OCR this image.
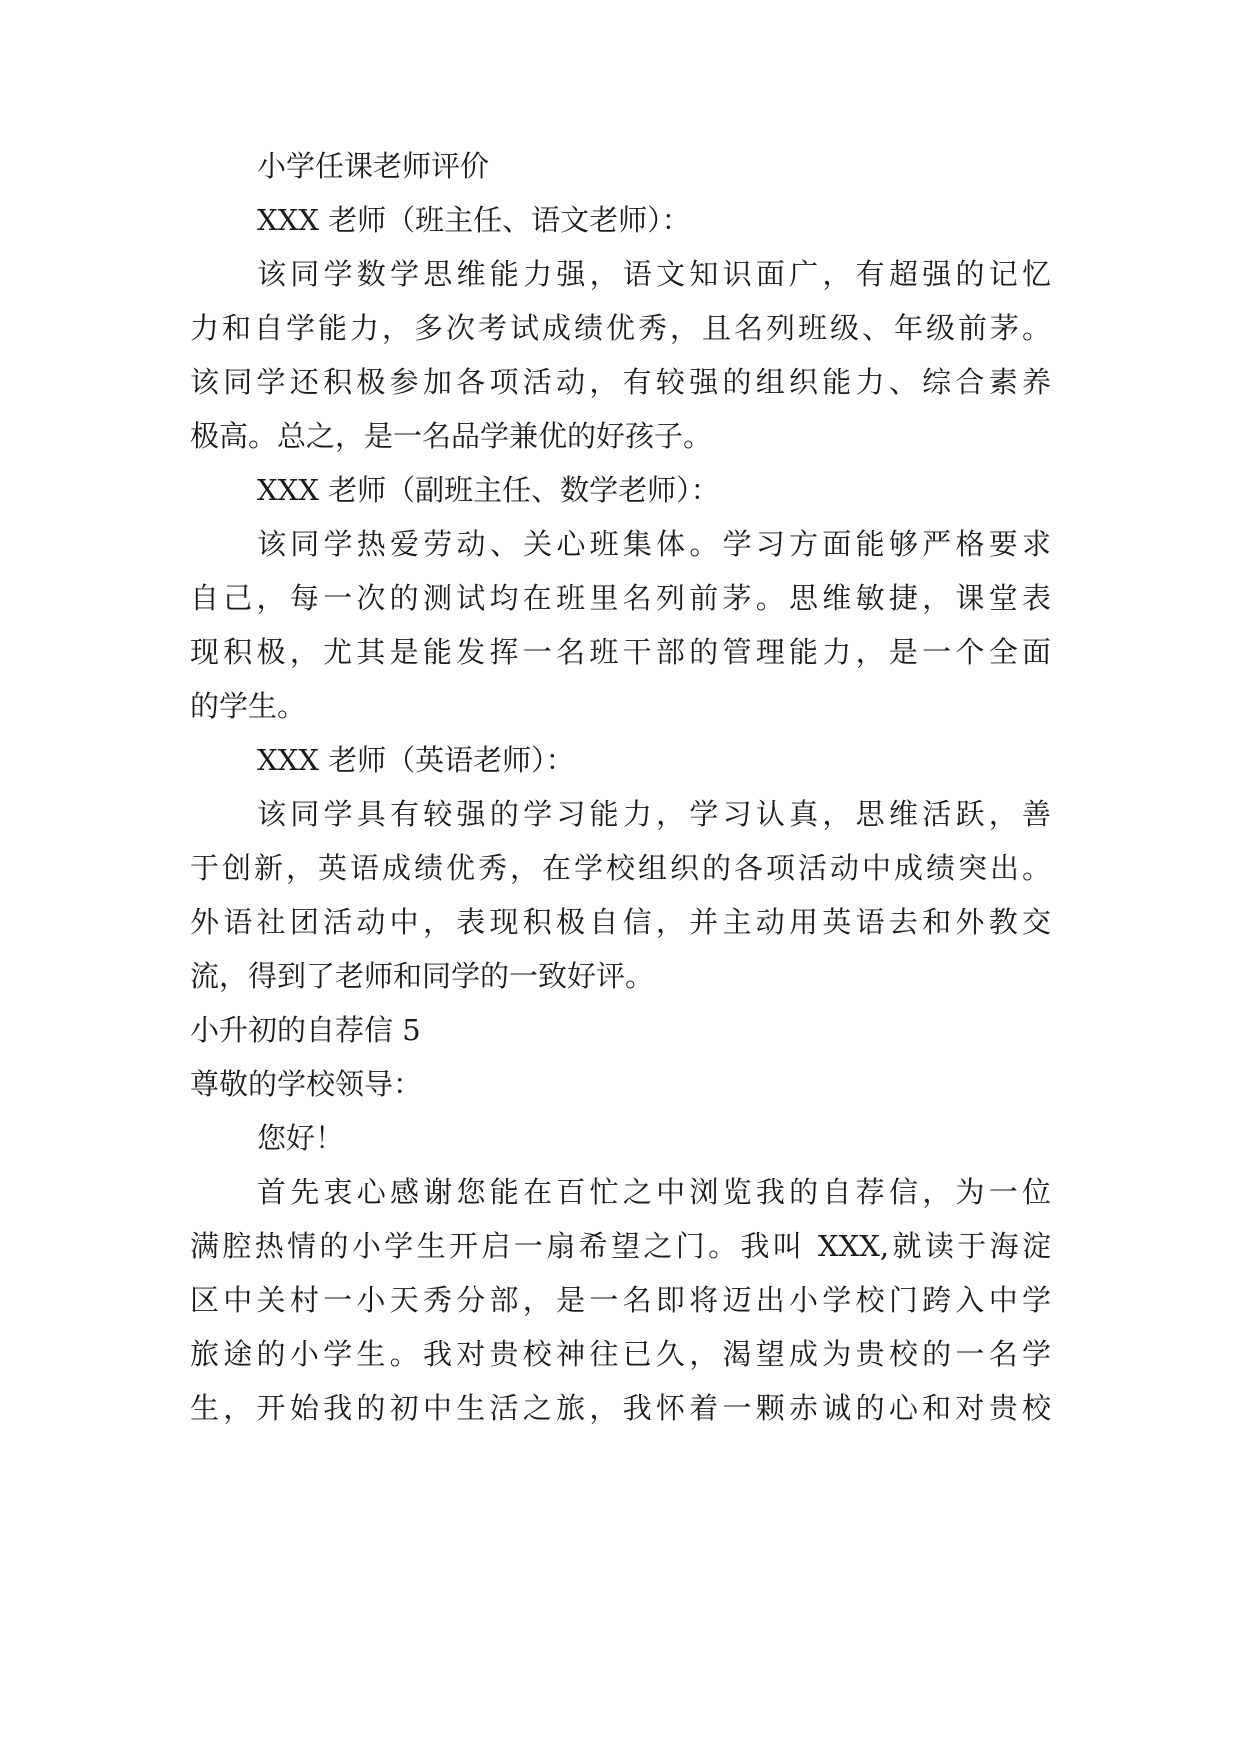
小学任课老师评价
XXX 老师（班主任、语文老师）：
该同学数学思维能力强，语文知识面广，有超强的记忆
力和自学能力，多次考试成绩优秀，且名列班级、年级前茅。
该同学还积极参加各项活动，有较强的组织能力、综合素养
极高。总之，是一名品学兼优的好孩子。
XXX 老师（副班主任、数学老师）：
该同学热爱劳动、关心班集体。学习方面能够严格要求
自己，每一次的测试均在班里名列前茅。思维敏捷，课堂表
现积极，尤其是能发挥一名班干部的管理能力，是一个全面
的学生。
XXX 老师（英语老师）：
该同学具有较强的学习能力，学习认真，思维活跃，善
于创新，英语成绩优秀，在学校组织的各项活动中成绩突出。
外语社团活动中，表现积极自信，并主动用英语去和外教交
流，得到了老师和同学的一致好评。
小升初的自荐信 5
尊敬的学校领导：
您好！
首先衷心感谢您能在百忙之中浏览我的自荐信，为一位
满腔热情的小学生开启一扇希望之门。我叫 XXX,就读于海淀
区中关村一小天秀分部，是一名即将迈出小学校门跨入中学
旅途的小学生。我对贵校神往已久，渴望成为贵校的一名学
生，开始我的初中生活之旅，我怀着一颗赤诚的心和对贵校
